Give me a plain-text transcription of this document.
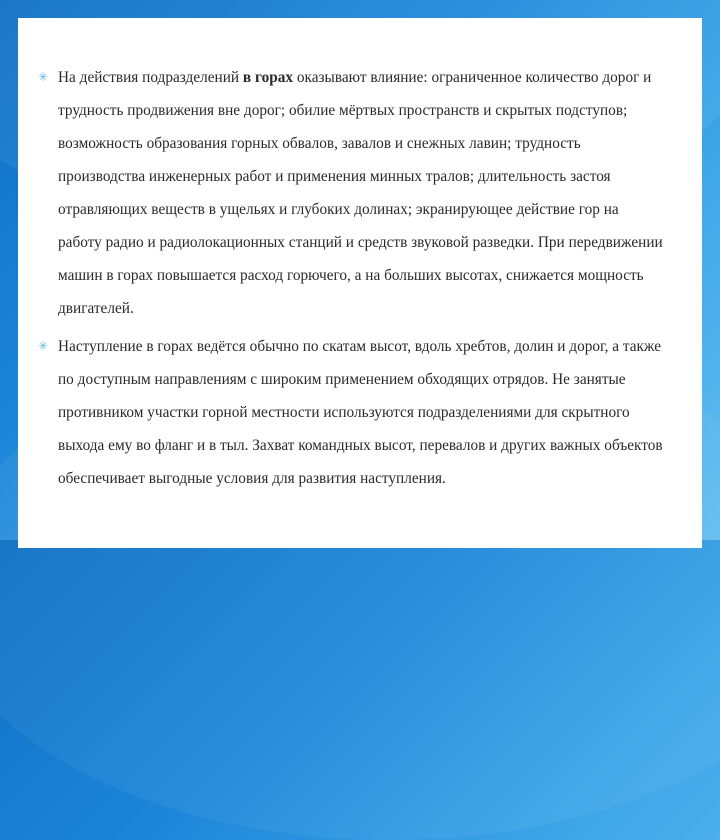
✳ На действия подразделений в горах оказывают влияние: ограниченное количество дорог и трудность продвижения вне дорог; обилие мёртвых пространств и скрытых подступов; возможность образования горных обвалов, завалов и снежных лавин; трудность производства инженерных работ и применения минных тралов; длительность застоя отравляющих веществ в ущельях и глубоких долинах; экранирующее действие гор на работу радио и радиолокационных станций и средств звуковой разведки. При передвижении машин в горах повышается расход горючего, а на больших высотах, снижается мощность двигателей.

✳ Наступление в горах ведётся обычно по скатам высот, вдоль хребтов, долин и дорог, а также по доступным направлениям с широким применением обходящих отрядов. Не занятые противником участки горной местности используются подразделениями для скрытного выхода ему во фланг и в тыл. Захват командных высот, перевалов и других важных объектов обеспечивает выгодные условия для развития наступления.
